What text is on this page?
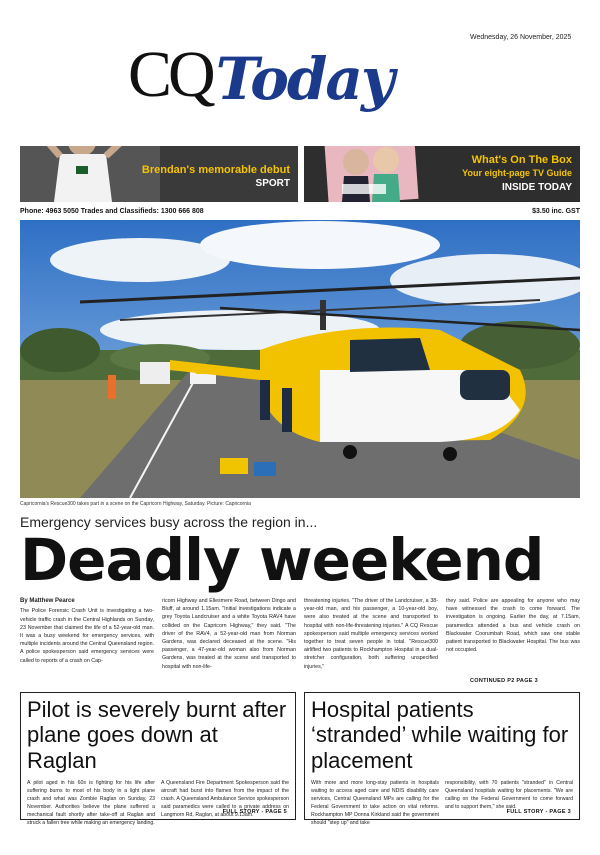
Wednesday, 26 November, 2025
CQ Today
Brendan's memorable debut
SPORT
What's On The Box
Your eight-page TV Guide
INSIDE TODAY
Phone: 4963 5050 Trades and Classifieds: 1300 666 808	$3.50 inc. GST
Capricornia's Rescue300 takes part in a scene on the Capricorn Highway, Saturday. Picture: Capricornia
Emergency services busy across the region in...
Deadly weekend

By Matthew Pearce

The Police Forensic Crash Unit is investigating a two-vehicle traffic crash in the Central Highlands on Sunday, 23 November that claimed the life of a 52-year-old man. It was a busy weekend for emergency services, with multiple incidents around the Central Queensland region. A police spokesperson said emergency services were called to reports of a crash on Cap-

ricorn Highway and Ellesmere Road, between Dingo and Bluff, at around 1.15am. "Initial investigations indicate a grey Toyota Landcruiser and a white Toyota RAV4 have collided on the Capricorn Highway," they said. "The driver of the RAV4, a 52-year-old man from Norman Gardens, was declared deceased at the scene. "His passenger, a 47-year-old woman also from Norman Gardens, was treated at the scene and transported to hospital with non-life-

threatening injuries. "The driver of the Landcruiser, a 38-year-old man, and his passenger, a 10-year-old boy, were also treated at the scene and transported to hospital with non-life-threatening injuries." A CQ Rescue spokesperson said multiple emergency services worked together to treat seven people in total. "Rescue300 airlifted two patients to Rockhampton Hospital in a dual-stretcher configuration, both suffering unspecified injuries,"

they said. Police are appealing for anyone who may have witnessed the crash to come forward. The investigation is ongoing. Earlier the day, at 7.15am, paramedics attended a bus and vehicle crash on Blackwater Coorumbah Road, which saw one stable patient transported to Blackwater Hospital. The bus was not occupied.

CONTINUED P2 PAGE 3
Pilot is severely burnt after plane goes down at Raglan
A pilot aged in his 60s is fighting for his life after suffering burns to most of his body in a light plane crash and what was Zombie Raglan on Sunday, 23 November. Authorities believe the plane suffered a mechanical fault shortly after take-off at Raglan and struck a fallen tree while making an emergency landing.
A Queensland Fire Department Spokesperson said the aircraft had burst into flames from the impact of the crash. A Queensland Ambulance Service spokesperson said paramedics were called to a private address on Langmorn Rd, Raglan, at about 9.13am.
FULL STORY - PAGE 5
Hospital patients ‘stranded’ while waiting for placement
With more and more long-stay patients in hospitals waiting to access aged care and NDIS disability care services, Central Queensland MPs are calling for the Federal Government to take action on vital reforms. Rockhampton MP Donna Kirkland said the government should "step up" and take
responsibility, with 70 patients "stranded" in Central Queensland hospitals waiting for placements. "We are calling on the Federal Government to come forward and to support them," she said.
FULL STORY - PAGE 3
